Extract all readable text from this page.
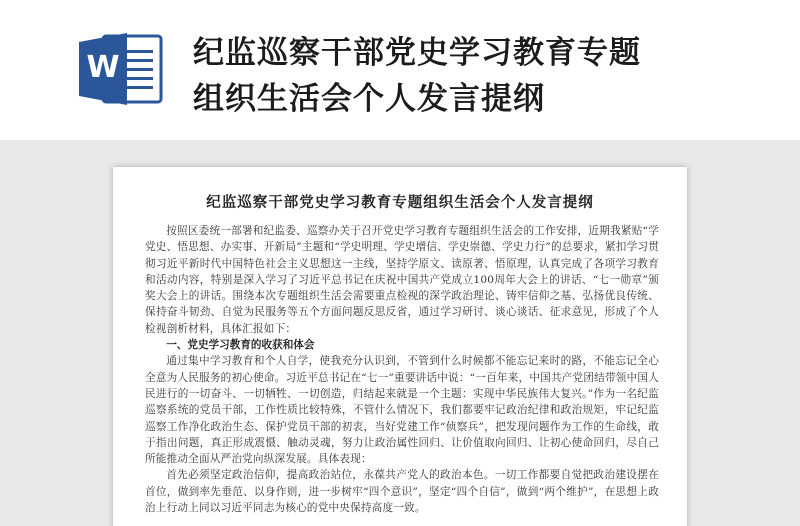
W 纪监巡察干部党史学习教育专题
组织生活会个人发言提纲
纪监巡察干部党史学习教育专题组织生活会个人发言提纲

按照区委统一部署和纪监委、巡察办关于召开党史学习教育专题组织生活会的工作安排，近期我紧贴“学党史、悟思想、办实事、开新局”主题和“学史明理、学史增信、学史崇德、学史力行”的总要求，紧扣学习贯彻习近平新时代中国特色社会主义思想这一主线，坚持学原文、读原著、悟原理，认真完成了各项学习教育和活动内容，特别是深入学习了习近平总书记在庆祝中国共产党成立100周年大会上的讲话、“七一勋章”颁奖大会上的讲话。围绕本次专题组织生活会需要重点检视的深学政治理论、铸牢信仰之基、弘扬优良传统、保持奋斗韧劲、自觉为民服务等五个方面问题反思反省，通过学习研讨、谈心谈话、征求意见，形成了个人检视剖析材料，具体汇报如下：

一、党史学习教育的收获和体会

通过集中学习教育和个人自学，使我充分认识到，不管到什么时候都不能忘记来时的路，不能忘记全心全意为人民服务的初心使命。习近平总书记在“七一”重要讲话中说：“一百年来，中国共产党团结带领中国人民进行的一切奋斗、一切牺牲、一切创造，归结起来就是一个主题：实现中华民族伟大复兴。”作为一名纪监巡察系统的党员干部，工作性质比较特殊，不管什么情况下，我们都要牢记政治纪律和政治规矩，牢记纪监巡察工作净化政治生态、保护党员干部的初衷，当好党建工作“侦察兵”，把发现问题作为工作的生命线，敢于指出问题，真正形成震慑、触动灵魂，努力让政治属性回归、让价值取向回归、让初心使命回归，尽自己所能推动全面从严治党向纵深发展。具体表现：

首先必须坚定政治信仰，提高政治站位，永葆共产党人的政治本色。一切工作都要自觉把政治建设摆在首位，做到率先垂范、以身作则，进一步树牢“四个意识”，坚定“四个自信”，做到“两个维护”，在思想上政治上行动上同以习近平同志为核心的党中央保持高度一致。
